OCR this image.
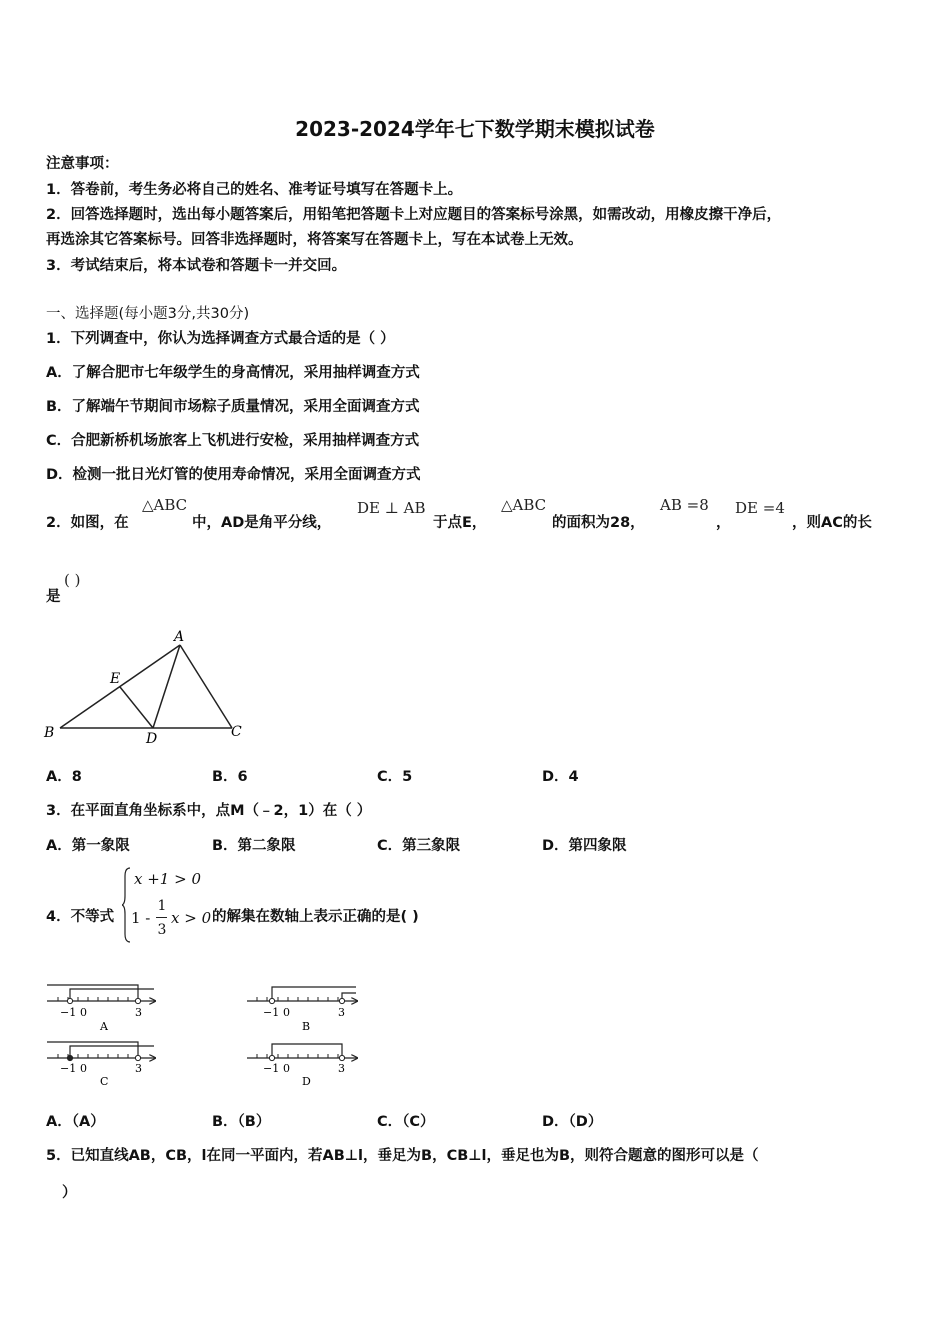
2023-2024学年七下数学期末模拟试卷
注意事项：
1．答卷前，考生务必将自己的姓名、准考证号填写在答题卡上。
2．回答选择题时，选出每小题答案后，用铅笔把答题卡上对应题目的答案标号涂黑，如需改动，用橡皮擦干净后，
再选涂其它答案标号。回答非选择题时，将答案写在答题卡上，写在本试卷上无效。
3．考试结束后，将本试卷和答题卡一并交回。
一、选择题(每小题3分,共30分)
1．下列调查中，你认为选择调查方式最合适的是（ ）
A．了解合肥市七年级学生的身高情况，采用抽样调查方式
B．了解端午节期间市场粽子质量情况，采用全面调查方式
C．合肥新桥机场旅客上飞机进行安检，采用抽样调查方式
D．检测一批日光灯管的使用寿命情况，采用全面调查方式
2．如图，在
△ABC
中，AD是角平分线，
DE ⊥ AB
于点E，
△ABC
的面积为28，
AB =8
，
DE =4
，则AC的长
是
( )
A
B	C
D
E
A．8	B．6	C．5	D．4
3．在平面直角坐标系中，点M（﹣2，1）在（ ）
A．第一象限	B．第二象限	C．第三象限	D．第四象限
4．不等式
x +1 > 0
1 -
1
3
x > 0 的解集在数轴上表示正确的是( )
−1 0	3
A
−1 0	3
B
−1 0	3
C
−1 0	3
D
A．（A）	B．（B）	C．（C）	D．（D）
5．已知直线AB，CB，l在同一平面内，若AB⊥l，垂足为B，CB⊥l，垂足也为B，则符合题意的图形可以是（
）
